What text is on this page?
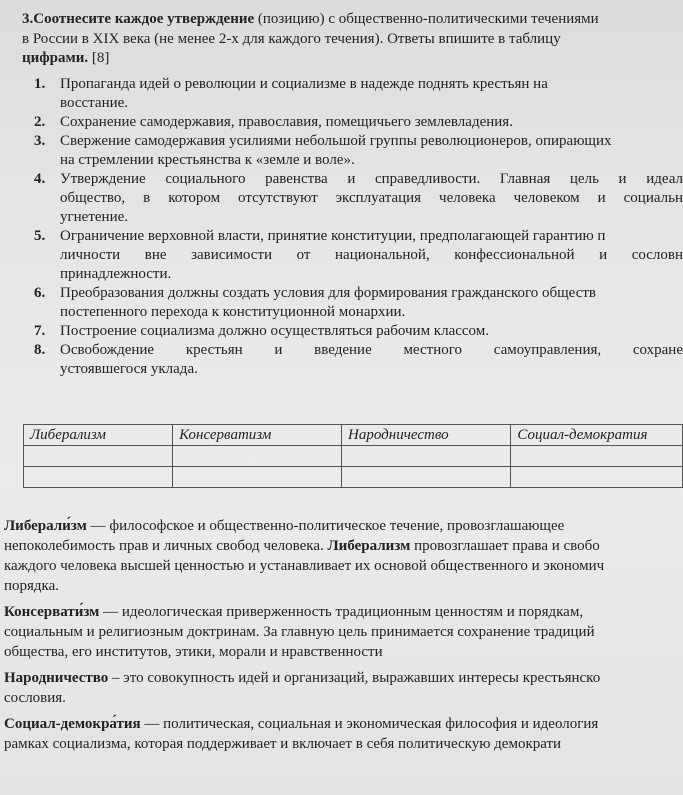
3.Соотнесите каждое утверждение (позицию) с общественно-политическими течениями
в России в XIX века (не менее 2-х для каждого течения). Ответы впишите в таблицу
цифрами. [8]
1. Пропаганда идей о революции и социализме в надежде поднять крестьян на
восстание.
2. Сохранение самодержавия, православия, помещичьего землевладения.
3. Свержение самодержавия усилиями небольшой группы революционеров, опирающих
на стремлении крестьянства к «земле и воле».
4. Утверждение социального равенства и справедливости. Главная цель и идеал
общество, в котором отсутствуют эксплуатация человека человеком и социальн
угнетение.
5. Ограничение верховной власти, принятие конституции, предполагающей гарантию п
личности вне зависимости от национальной, конфессиональной и сословн
принадлежности.
6. Преобразования должны создать условия для формирования гражданского обществ
постепенного перехода к конституционной монархии.
7. Построение социализма должно осуществляться рабочим классом.
8. Освобождение крестьян и введение местного самоуправления, сохране
устоявшегося уклада.
Либерализм	Консерватизм	Народничество	Социал-демократия

Либерали́зм — философское и общественно-политическое течение, провозглашающее
непоколебимость прав и личных свобод человека. Либерализм провозглашает права и свобо
каждого человека высшей ценностью и устанавливает их основой общественного и экономич
порядка.
Консервати́зм — идеологическая приверженность традиционным ценностям и порядкам,
социальным и религиозным доктринам. За главную цель принимается сохранение традиций
общества, его институтов, этики, морали и нравственности
Народничество – это совокупность идей и организаций, выражавших интересы крестьянско
сословия.
Социал-демокра́тия — политическая, социальная и экономическая философия и идеология
рамках социализма, которая поддерживает и включает в себя политическую демократи
